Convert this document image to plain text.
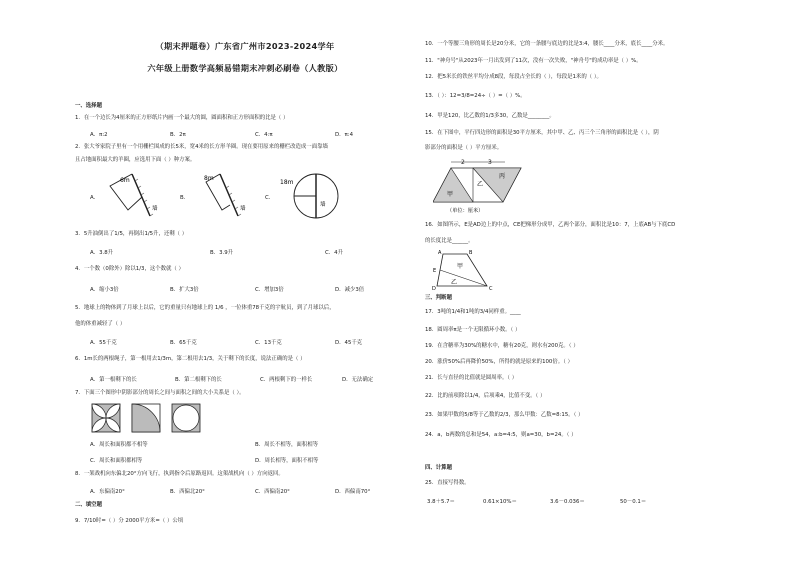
（期末押题卷）广东省广州市2023-2024学年
六年级上册数学高频易错期末冲刺必刷卷（人教版）
一、选择题
1．在一个边长为4厘米的正方形纸片内画一个最大的圆，圆面积和正方形面积的比是（ ）
A．π:2	B．2π	C．4:π	D．π:4
2．张大爷家院子里有一个用栅栏围成的长5米，宽4米的长方形羊圈。现在要用原来的栅栏改造成一面靠墙
且占地面积最大的羊圈，应选用下面（ ）种方案。
A．
6m
墙
B．
8m
墙
C．
18m
墙
3．5升油倒出了1/5，再倒出1/5升，还剩（ ）
A．3.8升	B．3.9升	C．4升
4．一个数（0除外）除以1/3，这个数就（ ）
A．缩小3倍	B．扩大3倍	C．增加3倍	D．减少3倍
5．地球上的物体到了月球上以后，它的重量只有地球上的 1/6 ，一位体重78千克的宇航员，到了月球以后，
他的体重减轻了（ ）
A．55千克	B．65千克	C．13千克	D．45千克
6．1m长的两根绳子，第一根用去1/3m，第二根用去1/3，关于剩下的长度，说法正确的是（ ）
A．第一根剩下的长	B．第二根剩下的长	C．两根剩下的一样长	D．无法确定
7．下面三个图形中阴影部分的周长之间与面积之间的大小关系是（ ）。
A．周长和面积都不相等	B．周长不相等，面积相等
C．周长和面积都相等	D．周长相等，面积不相等
8．一架战机向东偏北20°方向飞行，执到指令后原路返回。这架战机向（ ）方向返回。
A．东偏南20°	B．西偏北20°	C．西偏南20°	D．西偏南70°
二、填空题
9．7/10时=（ ）分 2000平方米=（ ）公顷
10．一个等腰三角形的周长是20分米，它的一条腰与底边的比是3:4，腰长____分米，底长____分米。
11．"神舟号"从2023年一月出发到了11次，没有一次失败，"神舟号"的成功率是（ ）%。
12．把5米长的铁丝平均分成8段，每段占全长的（ ），每段是1米的（ ）。
13．（ ）：12=3/8=24÷（ ）=（ ）%。
14．甲是120，比乙数的1/3多30，乙数是________。
15．在下图中，平行四边形的面积是30平方厘米，其中甲、乙、丙三个三角形的面积比是（ ），阴
影部分的面积是（ ）平方厘米。
2	3
甲
乙
丙
（单位：厘米）
16．如图所示，E是AD边上的中点，CE把梯形分成甲，乙两个部分，面积比是10：7，上底AB与下底CD
的长度比是______。
A	B
E
D	C
甲
乙
三、判断题
17．3吨的1/4和1吨的3/4同样重。____
18．圆周率π是一个无限循环小数。（ ）
19．在含糖率为30%的糖水中，糖有20克，则水有200克。（ ）
20．涨价50%后再降价50%，所得的就是原来的100倍。（ ）
21．长与直径的比值就是圆周率。（ ）
22．比的前项除以1/4，后项乘4，比值不变。（ ）
23．如果甲数的5/8等于乙数的2/3，那么甲数：乙数=8:15。（ ）
24．a，b两数的总和是54，a:b=4:5，则a=30，b=24。（ ）
四、计算题
25．直接写得数。
3.8＋5.7＝	0.61×10%＝	3.6－0.036＝	50－0.1＝
